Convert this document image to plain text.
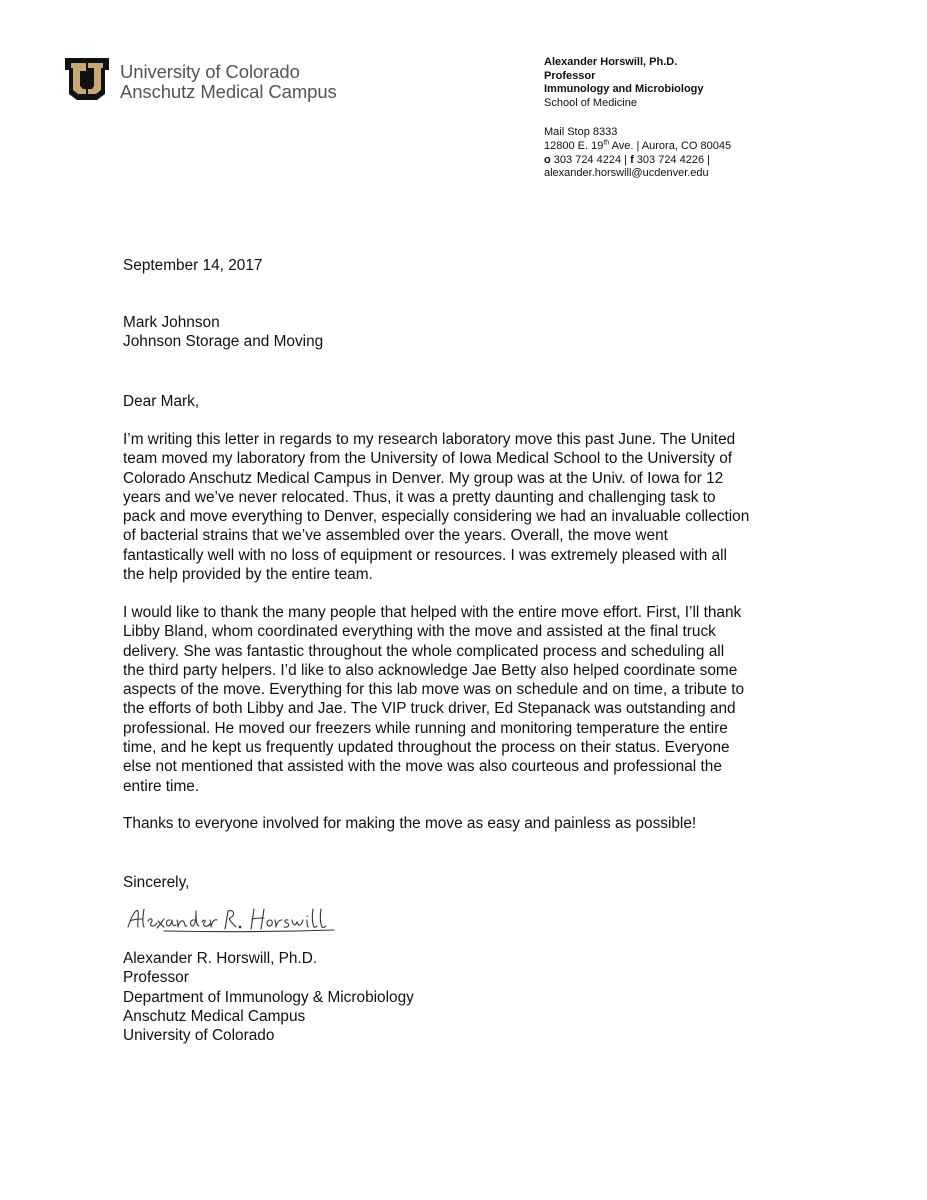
University of Colorado
Anschutz Medical Campus
Alexander Horswill, Ph.D.
Professor
Immunology and Microbiology
School of Medicine
Mail Stop 8333
12800 E. 19th Ave. | Aurora, CO 80045
o 303 724 4224 | f 303 724 4226 |
alexander.horswill@ucdenver.edu
September 14, 2017
Mark Johnson
Johnson Storage and Moving
Dear Mark,
I’m writing this letter in regards to my research laboratory move this past June. The United
team moved my laboratory from the University of Iowa Medical School to the University of
Colorado Anschutz Medical Campus in Denver. My group was at the Univ. of Iowa for 12
years and we’ve never relocated. Thus, it was a pretty daunting and challenging task to
pack and move everything to Denver, especially considering we had an invaluable collection
of bacterial strains that we’ve assembled over the years. Overall, the move went
fantastically well with no loss of equipment or resources. I was extremely pleased with all
the help provided by the entire team.
I would like to thank the many people that helped with the entire move effort. First, I’ll thank
Libby Bland, whom coordinated everything with the move and assisted at the final truck
delivery. She was fantastic throughout the whole complicated process and scheduling all
the third party helpers. I’d like to also acknowledge Jae Betty also helped coordinate some
aspects of the move. Everything for this lab move was on schedule and on time, a tribute to
the efforts of both Libby and Jae. The VIP truck driver, Ed Stepanack was outstanding and
professional. He moved our freezers while running and monitoring temperature the entire
time, and he kept us frequently updated throughout the process on their status. Everyone
else not mentioned that assisted with the move was also courteous and professional the
entire time.
Thanks to everyone involved for making the move as easy and painless as possible!
Sincerely,
Alexander R. Horswill, Ph.D.
Professor
Department of Immunology & Microbiology
Anschutz Medical Campus
University of Colorado
